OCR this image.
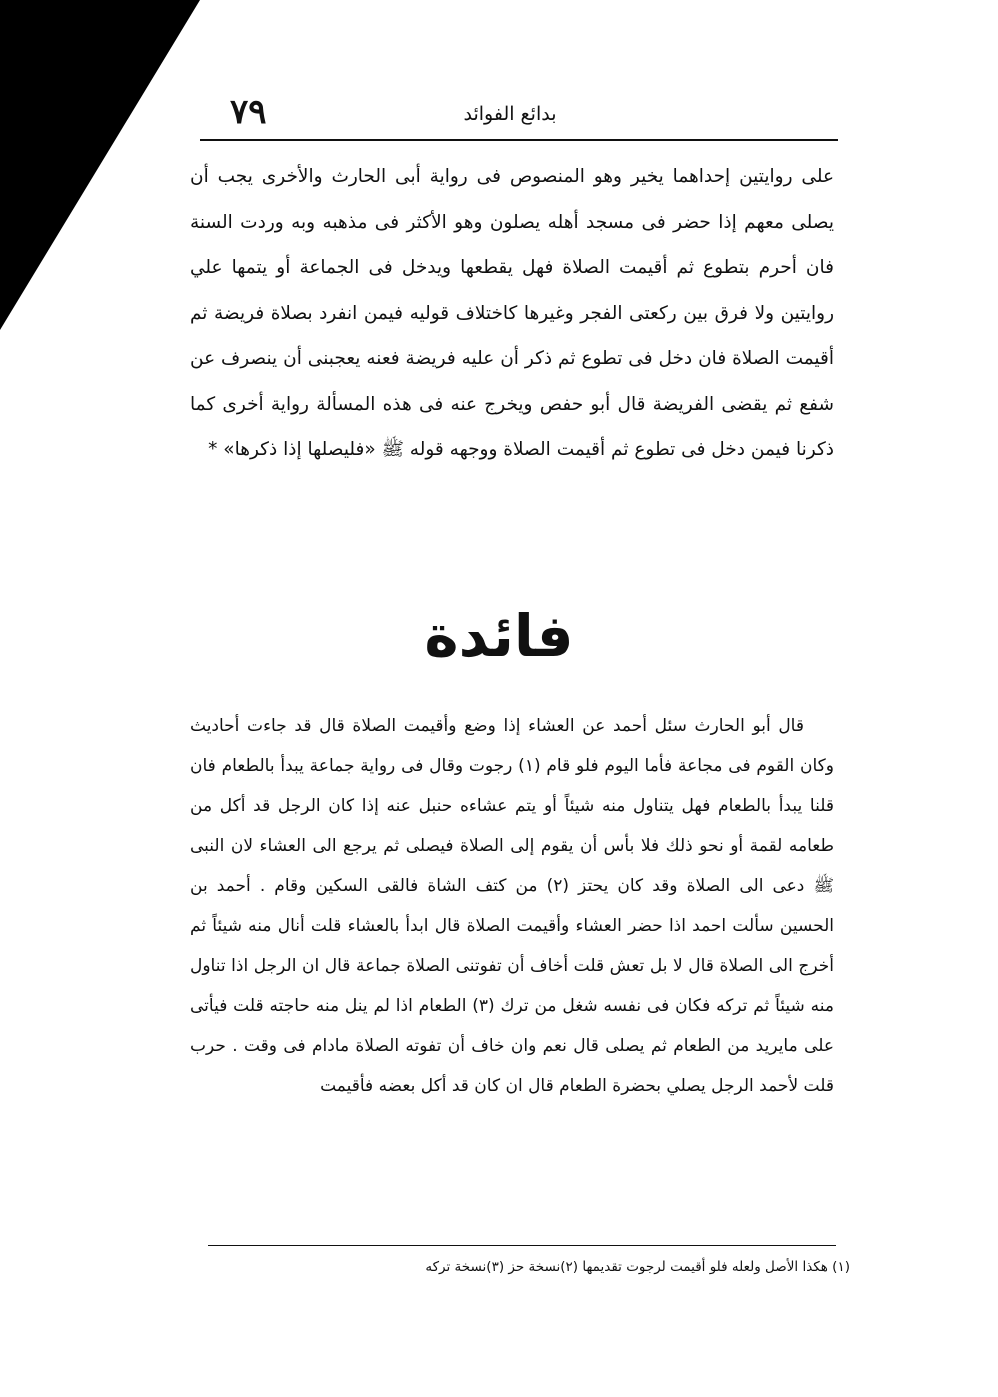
٧٩	بدائع الفوائد

على روايتين إحداهما يخير وهو المنصوص فى رواية أبى الحارث والأخرى يجب أن يصلى معهم إذا حضر فى مسجد أهله يصلون وهو الأكثر فى مذهبه وبه وردت السنة فان أحرم بتطوع ثم أقيمت الصلاة فهل يقطعها ويدخل فى الجماعة أو يتمها علي روايتين ولا فرق بين ركعتى الفجر وغيرها كاختلاف قوليه فيمن انفرد بصلاة فريضة ثم أقيمت الصلاة فان دخل فى تطوع ثم ذكر أن عليه فريضة فعنه يعجبنى أن ينصرف عن شفع ثم يقضى الفريضة قال أبو حفص ويخرج عنه فى هذه المسألة رواية أخرى كما ذكرنا فيمن دخل فى تطوع ثم أقيمت الصلاة ووجهه قوله ﷺ «فليصلها إذا ذكرها» *

فائدة

قال أبو الحارث سئل أحمد عن العشاء إذا وضع وأقيمت الصلاة قال قد جاءت أحاديث وكان القوم فى مجاعة فأما اليوم فلو قام (١) رجوت وقال فى رواية جماعة يبدأ بالطعام فان قلنا يبدأ بالطعام فهل يتناول منه شيئاً أو يتم عشاءه حنبل عنه إذا كان الرجل قد أكل من طعامه لقمة أو نحو ذلك فلا بأس أن يقوم إلى الصلاة فيصلى ثم يرجع الى العشاء لان النبى ﷺ دعى الى الصلاة وقد كان يحتز (٢) من كتف الشاة فالقى السكين وقام . أحمد بن الحسين سألت احمد اذا حضر العشاء وأقيمت الصلاة قال ابدأ بالعشاء قلت أنال منه شيئاً ثم أخرج الى الصلاة قال لا بل تعش قلت أخاف أن تفوتنى الصلاة جماعة قال ان الرجل اذا تناول منه شيئاً ثم تركه فكان فى نفسه شغل من ترك (٣) الطعام اذا لم ينل منه حاجته قلت فيأتى على مايريد من الطعام ثم يصلى قال نعم وان خاف أن تفوته الصلاة مادام فى وقت . حرب قلت لأحمد الرجل يصلي بحضرة الطعام قال ان كان قد أكل بعضه فأقيمت

(١) هكذا الأصل ولعله فلو أقيمت لرجوت تقديمها (٢)نسخة حز (٣)نسخة تركه
